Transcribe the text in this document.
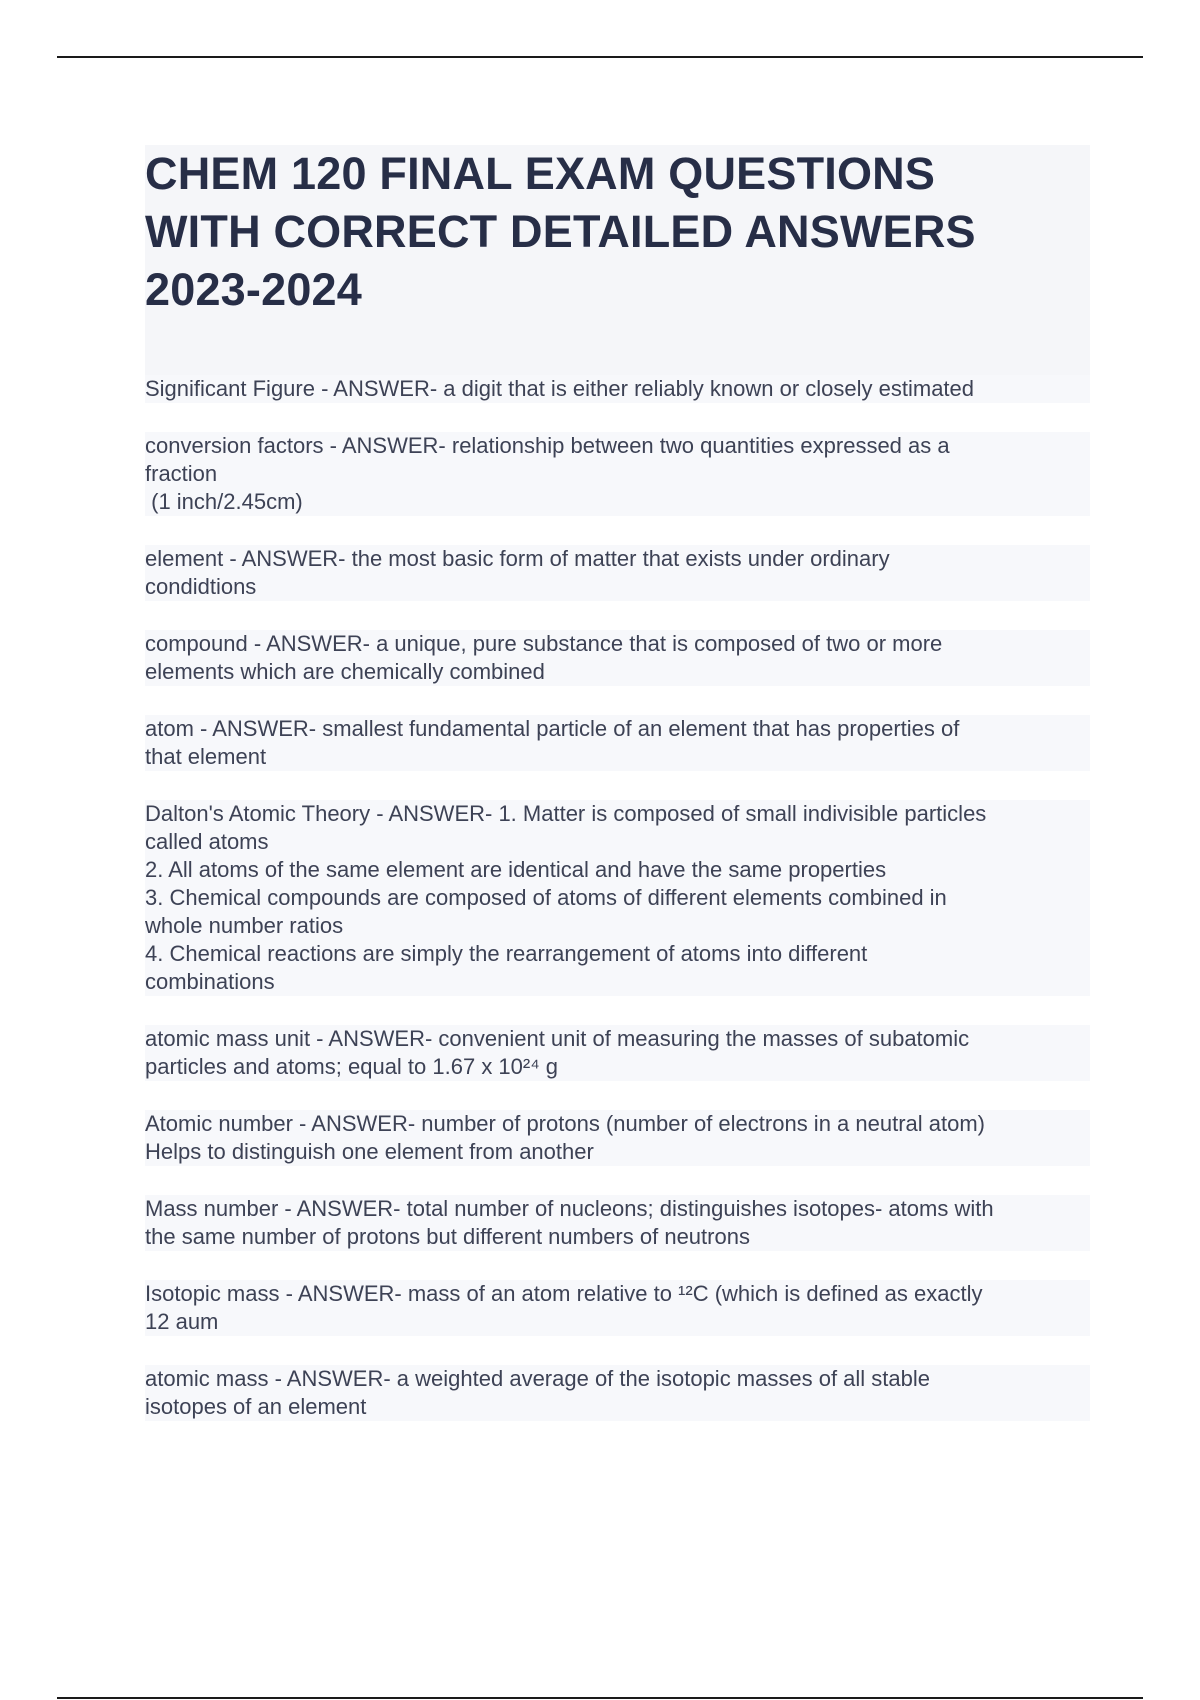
CHEM 120 FINAL EXAM QUESTIONS
WITH CORRECT DETAILED ANSWERS
2023-2024
Significant Figure - ANSWER- a digit that is either reliably known or closely estimated
conversion factors - ANSWER- relationship between two quantities expressed as a
fraction
(1 inch/2.45cm)
element - ANSWER- the most basic form of matter that exists under ordinary
condidtions
compound - ANSWER- a unique, pure substance that is composed of two or more
elements which are chemically combined
atom - ANSWER- smallest fundamental particle of an element that has properties of
that element
Dalton's Atomic Theory - ANSWER- 1. Matter is composed of small indivisible particles
called atoms
2. All atoms of the same element are identical and have the same properties
3. Chemical compounds are composed of atoms of different elements combined in
whole number ratios
4. Chemical reactions are simply the rearrangement of atoms into different
combinations
atomic mass unit - ANSWER- convenient unit of measuring the masses of subatomic
particles and atoms; equal to 1.67 x 10²⁴ g
Atomic number - ANSWER- number of protons (number of electrons in a neutral atom)
Helps to distinguish one element from another
Mass number - ANSWER- total number of nucleons; distinguishes isotopes- atoms with
the same number of protons but different numbers of neutrons
Isotopic mass - ANSWER- mass of an atom relative to ¹²C (which is defined as exactly
12 aum
atomic mass - ANSWER- a weighted average of the isotopic masses of all stable
isotopes of an element
